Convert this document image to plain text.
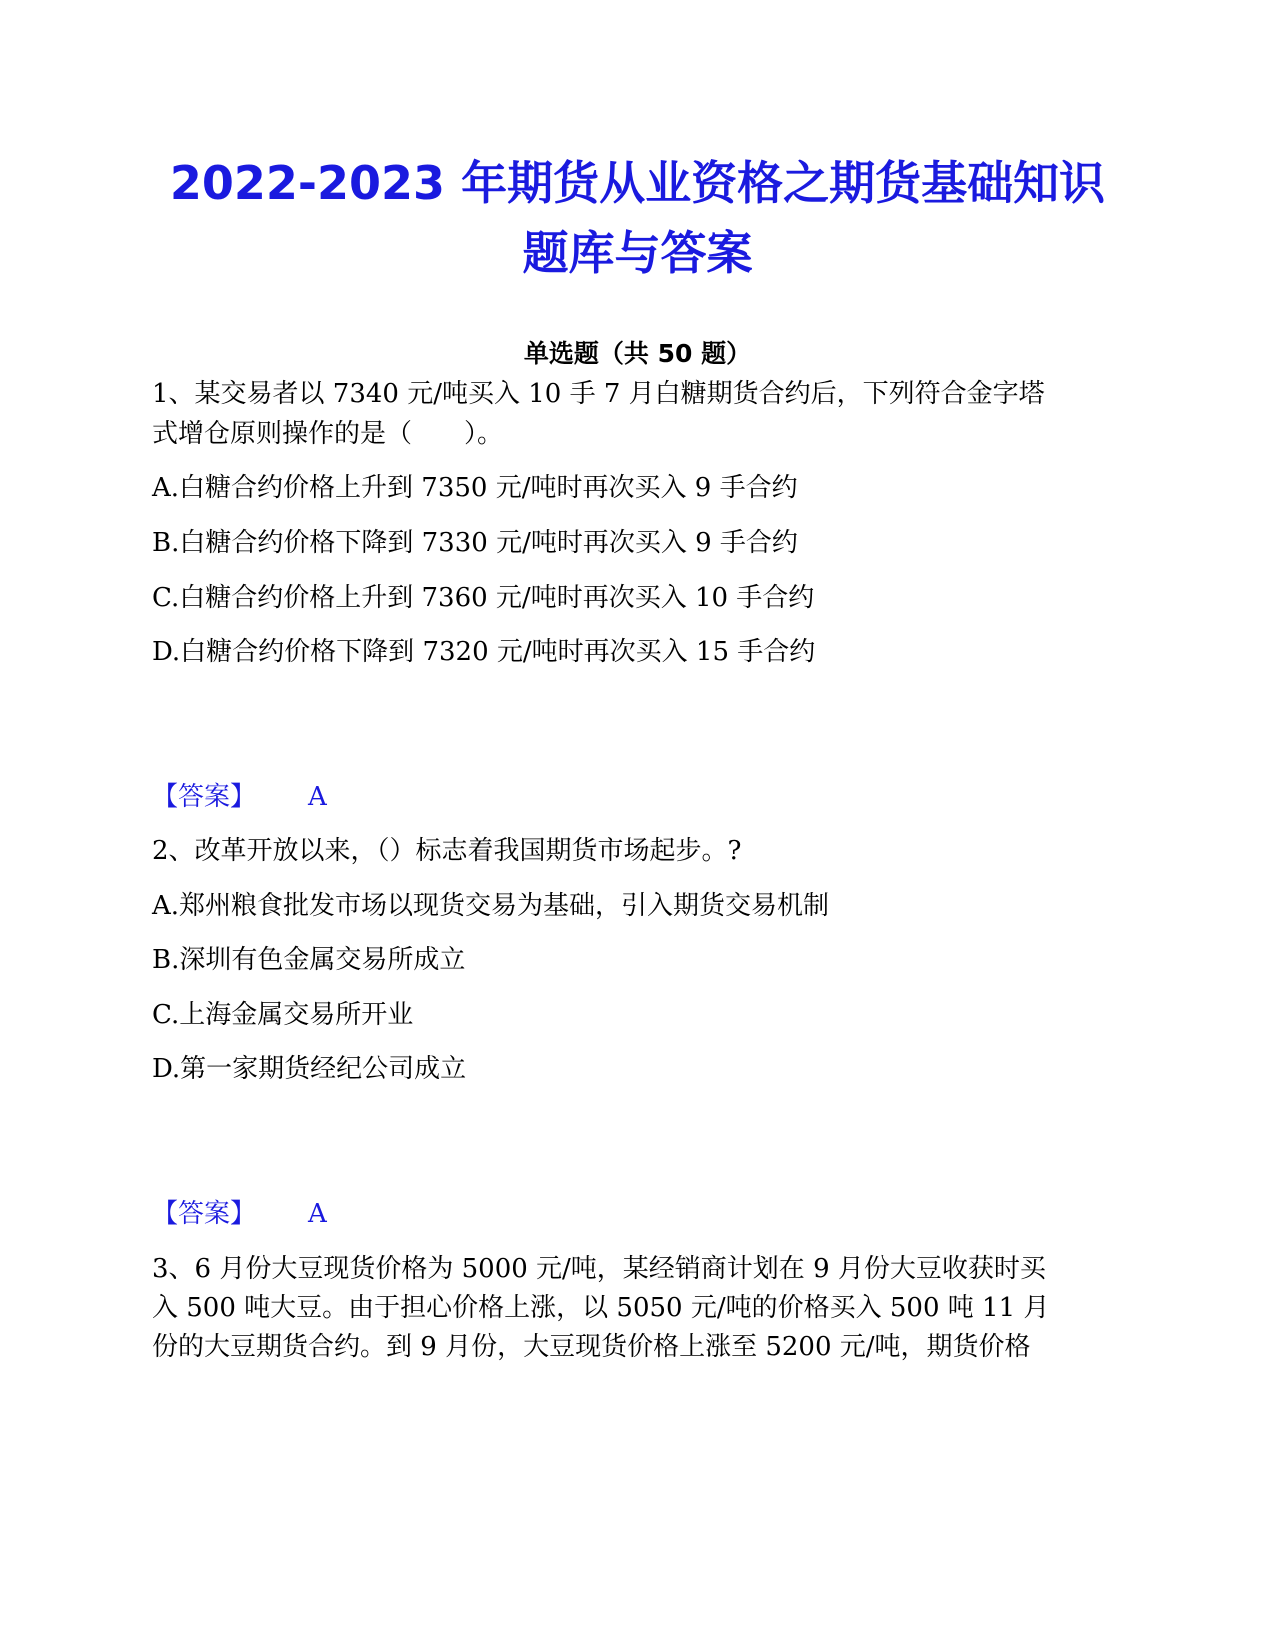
2022-2023 年期货从业资格之期货基础知识
题库与答案
单选题（共 50 题）
1、某交易者以 7340 元/吨买入 10 手 7 月白糖期货合约后，下列符合金字塔
式增仓原则操作的是（　　）。
A.白糖合约价格上升到 7350 元/吨时再次买入 9 手合约
B.白糖合约价格下降到 7330 元/吨时再次买入 9 手合约
C.白糖合约价格上升到 7360 元/吨时再次买入 10 手合约
D.白糖合约价格下降到 7320 元/吨时再次买入 15 手合约
【答案】 A
2、改革开放以来，（）标志着我国期货市场起步。?
A.郑州粮食批发市场以现货交易为基础，引入期货交易机制
B.深圳有色金属交易所成立
C.上海金属交易所开业
D.第一家期货经纪公司成立
【答案】 A
3、6 月份大豆现货价格为 5000 元/吨，某经销商计划在 9 月份大豆收获时买
入 500 吨大豆。由于担心价格上涨，以 5050 元/吨的价格买入 500 吨 11 月
份的大豆期货合约。到 9 月份，大豆现货价格上涨至 5200 元/吨，期货价格
